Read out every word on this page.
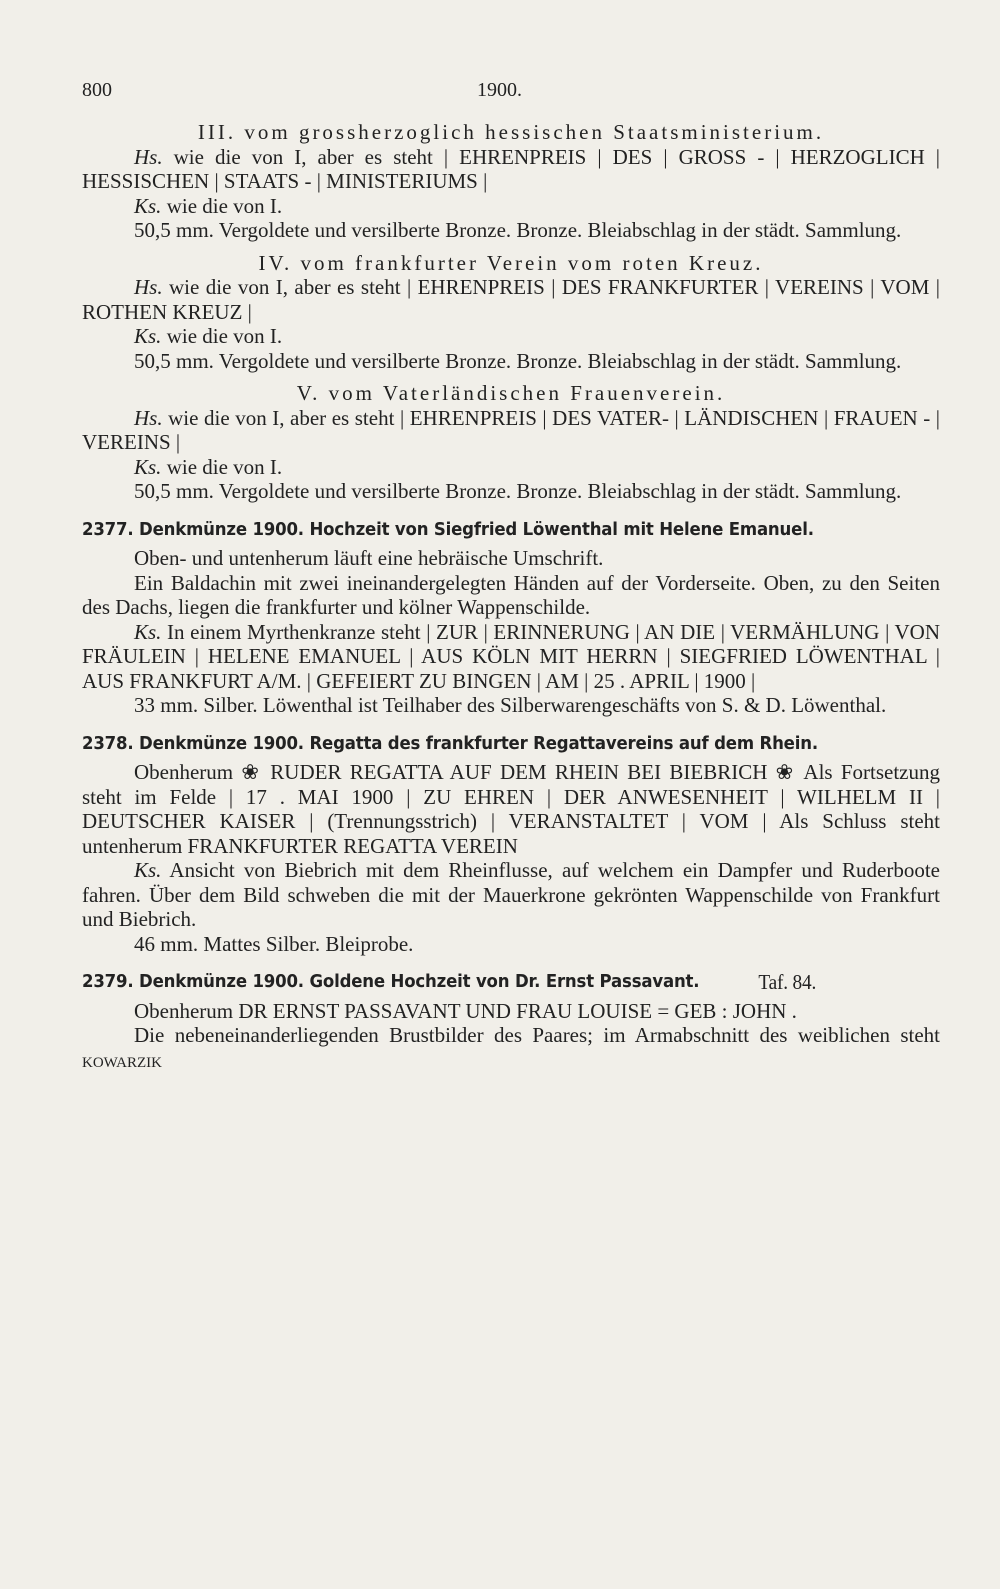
800	1900.

III. vom grossherzoglich hessischen Staatsministerium.

Hs. wie die von I, aber es steht | EHRENPREIS | DES | GROSS - | HERZOGLICH | HESSISCHEN | STAATS - | MINISTERIUMS |

Ks. wie die von I.

50,5 mm. Vergoldete und versilberte Bronze. Bronze. Bleiabschlag in der städt. Sammlung.

IV. vom frankfurter Verein vom roten Kreuz.

Hs. wie die von I, aber es steht | EHRENPREIS | DES FRANKFURTER | VEREINS | VOM | ROTHEN KREUZ |

Ks. wie die von I.

50,5 mm. Vergoldete und versilberte Bronze. Bronze. Bleiabschlag in der städt. Sammlung.

V. vom Vaterländischen Frauenverein.

Hs. wie die von I, aber es steht | EHRENPREIS | DES VATER- | LÄNDISCHEN | FRAUEN - | VEREINS |

Ks. wie die von I.

50,5 mm. Vergoldete und versilberte Bronze. Bronze. Bleiabschlag in der städt. Sammlung.

2377. Denkmünze 1900. Hochzeit von Siegfried Löwenthal mit Helene Emanuel.

Oben- und untenherum läuft eine hebräische Umschrift.

Ein Baldachin mit zwei ineinandergelegten Händen auf der Vorderseite. Oben, zu den Seiten des Dachs, liegen die frankfurter und kölner Wappenschilde.

Ks. In einem Myrthenkranze steht | ZUR | ERINNERUNG | AN DIE | VERMÄHLUNG | VON FRÄULEIN | HELENE EMANUEL | AUS KÖLN MIT HERRN | SIEGFRIED LÖWENTHAL | AUS FRANKFURT A/M. | GEFEIERT ZU BINGEN | AM | 25 . APRIL | 1900 |

33 mm. Silber. Löwenthal ist Teilhaber des Silberwarengeschäfts von S. & D. Löwenthal.

2378. Denkmünze 1900. Regatta des frankfurter Regattavereins auf dem Rhein.

Obenherum ❀ RUDER REGATTA AUF DEM RHEIN BEI BIEBRICH ❀ Als Fortsetzung steht im Felde | 17 . MAI 1900 | ZU EHREN | DER ANWESENHEIT | WILHELM II | DEUTSCHER KAISER | (Trennungsstrich) | VERANSTALTET | VOM | Als Schluss steht untenherum FRANKFURTER REGATTA VEREIN

Ks. Ansicht von Biebrich mit dem Rheinflusse, auf welchem ein Dampfer und Ruderboote fahren. Über dem Bild schweben die mit der Mauerkrone gekrönten Wappenschilde von Frankfurt und Biebrich.

46 mm. Mattes Silber. Bleiprobe.

2379. Denkmünze 1900. Goldene Hochzeit von Dr. Ernst Passavant.	Taf. 84.

Obenherum DR ERNST PASSAVANT UND FRAU LOUISE = GEB : JOHN .

Die nebeneinanderliegenden Brustbilder des Paares; im Armabschnitt des weiblichen steht KOWARZIK
